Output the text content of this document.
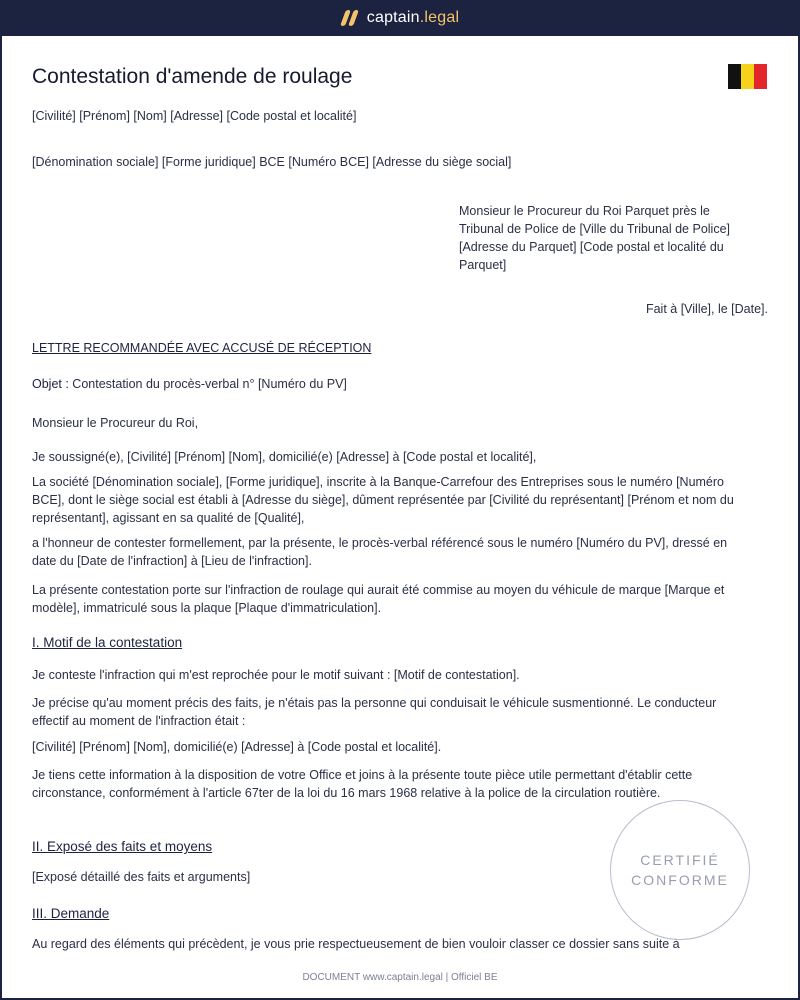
captain.legal
Contestation d'amende de roulage

[Civilité] [Prénom] [Nom] [Adresse] [Code postal et localité]

[Dénomination sociale] [Forme juridique] BCE [Numéro BCE] [Adresse du siège social]

Monsieur le Procureur du Roi Parquet près le Tribunal de Police de [Ville du Tribunal de Police] [Adresse du Parquet] [Code postal et localité du Parquet]

Fait à [Ville], le [Date].

LETTRE RECOMMANDÉE AVEC ACCUSÉ DE RÉCEPTION

Objet : Contestation du procès-verbal n° [Numéro du PV]

Monsieur le Procureur du Roi,

Je soussigné(e), [Civilité] [Prénom] [Nom], domicilié(e) [Adresse] à [Code postal et localité],

La société [Dénomination sociale], [Forme juridique], inscrite à la Banque-Carrefour des Entreprises sous le numéro [Numéro BCE], dont le siège social est établi à [Adresse du siège], dûment représentée par [Civilité du représentant] [Prénom et nom du représentant], agissant en sa qualité de [Qualité],

a l'honneur de contester formellement, par la présente, le procès-verbal référencé sous le numéro [Numéro du PV], dressé en date du [Date de l'infraction] à [Lieu de l'infraction].

La présente contestation porte sur l'infraction de roulage qui aurait été commise au moyen du véhicule de marque [Marque et modèle], immatriculé sous la plaque [Plaque d'immatriculation].

I. Motif de la contestation

Je conteste l'infraction qui m'est reprochée pour le motif suivant : [Motif de contestation].

Je précise qu'au moment précis des faits, je n'étais pas la personne qui conduisait le véhicule susmentionné. Le conducteur effectif au moment de l'infraction était :

[Civilité] [Prénom] [Nom], domicilié(e) [Adresse] à [Code postal et localité].

Je tiens cette information à la disposition de votre Office et joins à la présente toute pièce utile permettant d'établir cette circonstance, conformément à l'article 67ter de la loi du 16 mars 1968 relative à la police de la circulation routière.

II. Exposé des faits et moyens

[Exposé détaillé des faits et arguments]

III. Demande

Au regard des éléments qui précèdent, je vous prie respectueusement de bien vouloir classer ce dossier sans suite à

CERTIFIÉ
CONFORME
DOCUMENT www.captain.legal | Officiel BE
